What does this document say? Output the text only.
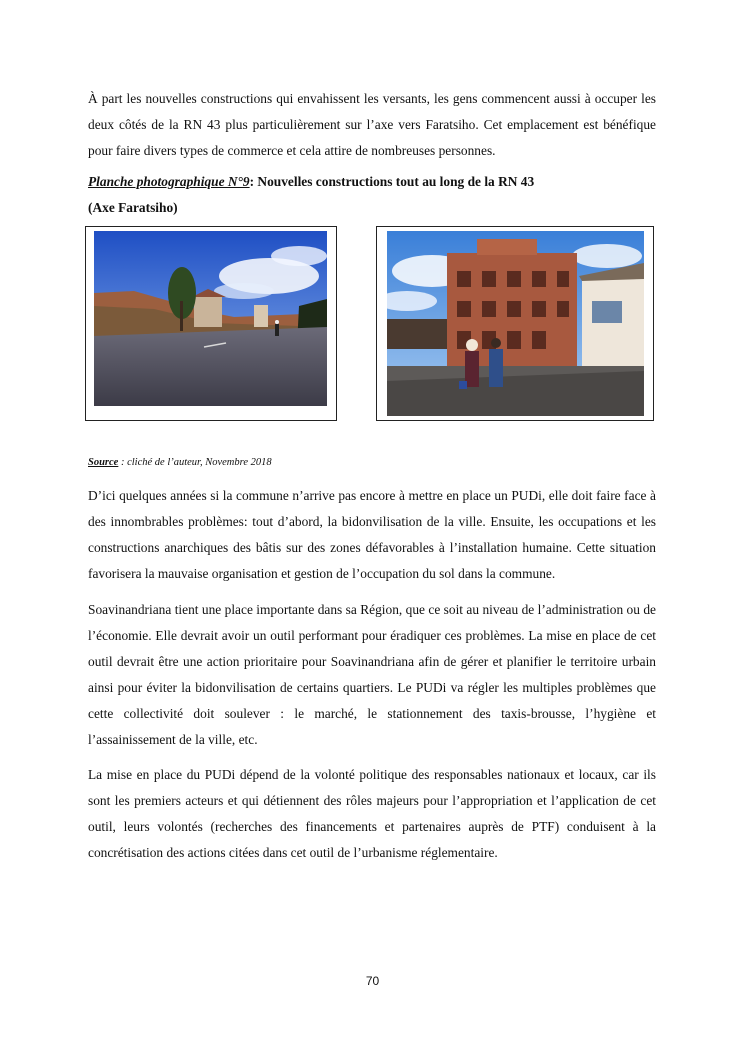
À part les nouvelles constructions qui envahissent les versants, les gens commencent aussi à occuper les deux côtés de la RN 43 plus particulièrement sur l’axe vers Faratsiho. Cet emplacement est bénéfique pour faire divers types de commerce et cela attire de nombreuses personnes.

Planche photographique N°9: Nouvelles constructions tout au long de la RN 43

(Axe Faratsiho)

Source : cliché de l’auteur, Novembre 2018

D’ici quelques années si la commune n’arrive pas encore à mettre en place un PUDi, elle doit faire face à des innombrables problèmes: tout d’abord, la bidonvilisation de la ville. Ensuite, les occupations et les constructions anarchiques des bâtis sur des zones défavorables à l’installation humaine. Cette situation favorisera la mauvaise organisation et gestion de l’occupation du sol dans la commune.

Soavinandriana tient une place importante dans sa Région, que ce soit au niveau de l’administration ou de l’économie. Elle devrait avoir un outil performant pour éradiquer ces problèmes. La mise en place de cet outil devrait être une action prioritaire pour Soavinandriana afin de gérer et planifier le territoire urbain ainsi pour éviter la bidonvilisation de certains quartiers. Le PUDi va régler les multiples problèmes que cette collectivité doit soulever : le marché, le stationnement des taxis-brousse, l’hygiène et l’assainissement de la ville, etc.

La mise en place du PUDi dépend de la volonté politique des responsables nationaux et locaux, car ils sont les premiers acteurs et qui détiennent des rôles majeurs pour l’appropriation et l’application de cet outil, leurs volontés (recherches des financements et partenaires auprès de PTF) conduisent à la concrétisation des actions citées dans cet outil de l’urbanisme réglementaire.

70
